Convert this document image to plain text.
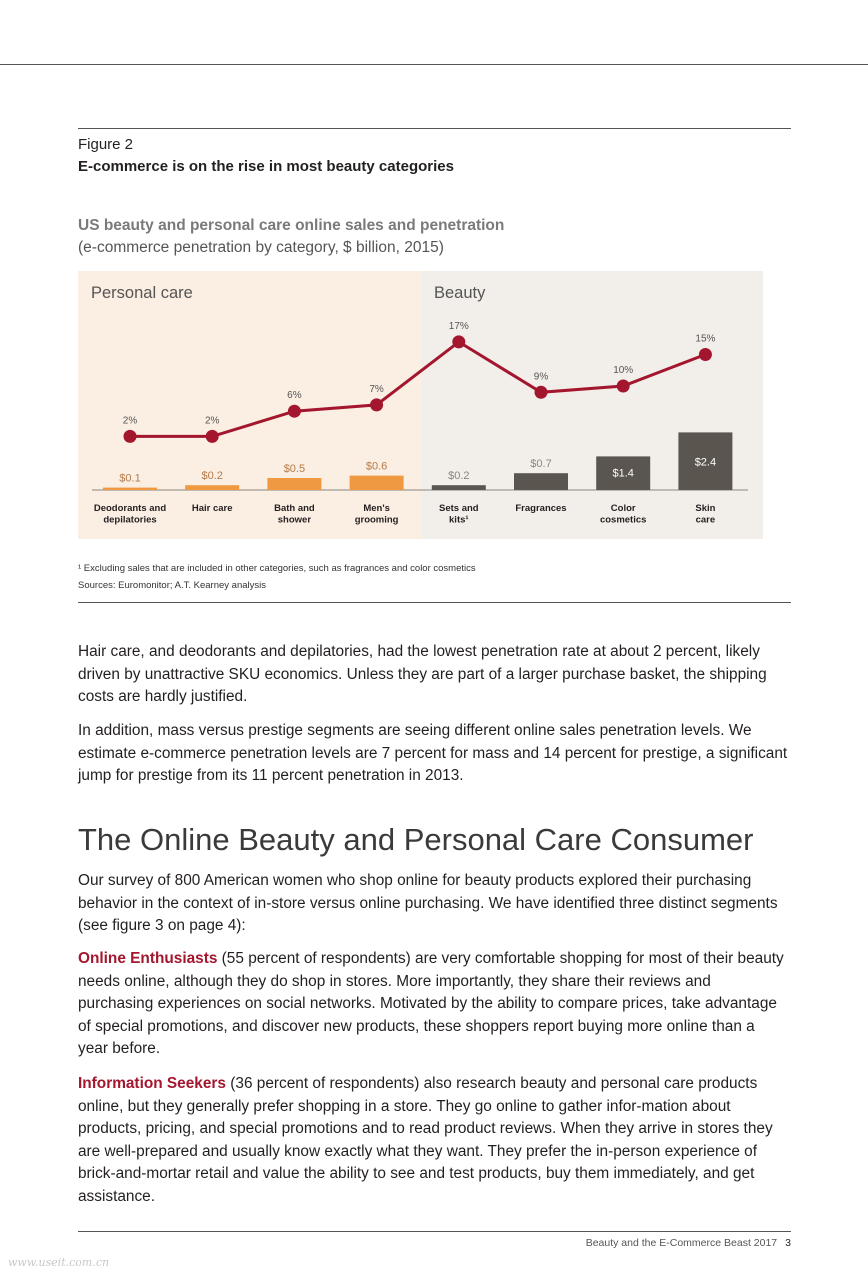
Figure 2
E-commerce is on the rise in most beauty categories
US beauty and personal care online sales and penetration
(e-commerce penetration by category, $ billion, 2015)
Personal care	Beauty
$0.1	$0.2
$0.5	$0.6
$0.2
$0.7
$1.4
$2.4
Deodorants and depilatories
Hair care	Bath and shower
Men's grooming
Sets and kits¹
Fragrances	Color cosmetics
Skin care
2%	2%
6%
7%
17%
9%
10%
15%
¹ Excluding sales that are included in other categories, such as fragrances and color cosmetics
Sources: Euromonitor; A.T. Kearney analysis

Hair care, and deodorants and depilatories, had the lowest penetration rate at about 2 percent, likely driven by unattractive SKU economics. Unless they are part of a larger purchase basket, the shipping costs are hardly justified.

In addition, mass versus prestige segments are seeing different online sales penetration levels. We estimate e-commerce penetration levels are 7 percent for mass and 14 percent for prestige, a significant jump for prestige from its 11 percent penetration in 2013.

The Online Beauty and Personal Care Consumer

Our survey of 800 American women who shop online for beauty products explored their purchasing behavior in the context of in-store versus online purchasing. We have identified three distinct segments (see figure 3 on page 4):

Online Enthusiasts (55 percent of respondents) are very comfortable shopping for most of their beauty needs online, although they do shop in stores. More importantly, they share their reviews and purchasing experiences on social networks. Motivated by the ability to compare prices, take advantage of special promotions, and discover new products, these shoppers report buying more online than a year before.

Information Seekers (36 percent of respondents) also research beauty and personal care products online, but they generally prefer shopping in a store. They go online to gather infor-mation about products, pricing, and special promotions and to read product reviews. When they arrive in stores they are well-prepared and usually know exactly what they want. They prefer the in-person experience of brick-and-mortar retail and value the ability to see and test products, buy them immediately, and get assistance.

Beauty and the E-Commerce Beast 2017 3
www.useit.com.cn
